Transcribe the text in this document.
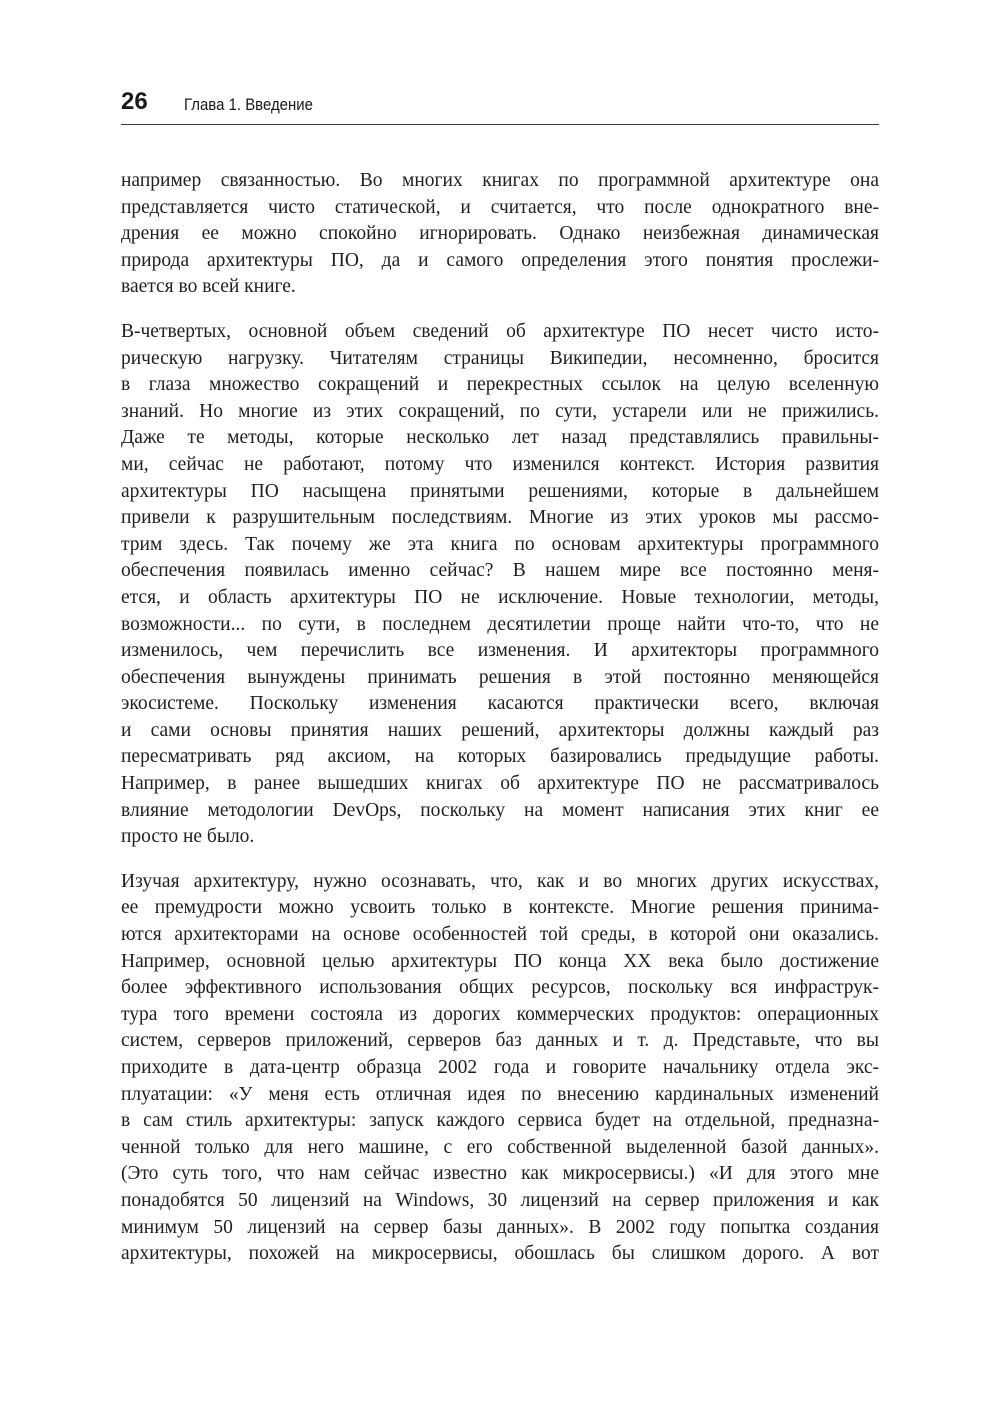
26 Глава 1. Введение

например связанностью. Во многих книгах по программной архитектуре она
представляется чисто статической, и считается, что после однократного вне-
дрения ее можно спокойно игнорировать. Однако неизбежная динамическая
природа архитектуры ПО, да и самого определения этого понятия прослежи-
вается во всей книге.

В-четвертых, основной объем сведений об архитектуре ПО несет чисто исто-
рическую нагрузку. Читателям страницы Википедии, несомненно, бросится
в глаза множество сокращений и перекрестных ссылок на целую вселенную
знаний. Но многие из этих сокращений, по сути, устарели или не прижились.
Даже те методы, которые несколько лет назад представлялись правильны-
ми, сейчас не работают, потому что изменился контекст. История развития
архитектуры ПО насыщена принятыми решениями, которые в дальнейшем
привели к разрушительным последствиям. Многие из этих уроков мы рассмо-
трим здесь. Так почему же эта книга по основам архитектуры программного
обеспечения появилась именно сейчас? В нашем мире все постоянно меня-
ется, и область архитектуры ПО не исключение. Новые технологии, методы,
возможности... по сути, в последнем десятилетии проще найти что-то, что не
изменилось, чем перечислить все изменения. И архитекторы программного
обеспечения вынуждены принимать решения в этой постоянно меняющейся
экосистеме. Поскольку изменения касаются практически всего, включая
и сами основы принятия наших решений, архитекторы должны каждый раз
пересматривать ряд аксиом, на которых базировались предыдущие работы.
Например, в ранее вышедших книгах об архитектуре ПО не рассматривалось
влияние методологии DevOps, поскольку на момент написания этих книг ее
просто не было.

Изучая архитектуру, нужно осознавать, что, как и во многих других искусствах,
ее премудрости можно усвоить только в контексте. Многие решения принима-
ются архитекторами на основе особенностей той среды, в которой они оказались.
Например, основной целью архитектуры ПО конца XX века было достижение
более эффективного использования общих ресурсов, поскольку вся инфраструк-
тура того времени состояла из дорогих коммерческих продуктов: операционных
систем, серверов приложений, серверов баз данных и т. д. Представьте, что вы
приходите в дата-центр образца 2002 года и говорите начальнику отдела экс-
плуатации: «У меня есть отличная идея по внесению кардинальных изменений
в сам стиль архитектуры: запуск каждого сервиса будет на отдельной, предназна-
ченной только для него машине, с его собственной выделенной базой данных».
(Это суть того, что нам сейчас известно как микросервисы.) «И для этого мне
понадобятся 50 лицензий на Windows, 30 лицензий на сервер приложения и как
минимум 50 лицензий на сервер базы данных». В 2002 году попытка создания
архитектуры, похожей на микросервисы, обошлась бы слишком дорого. А вот
